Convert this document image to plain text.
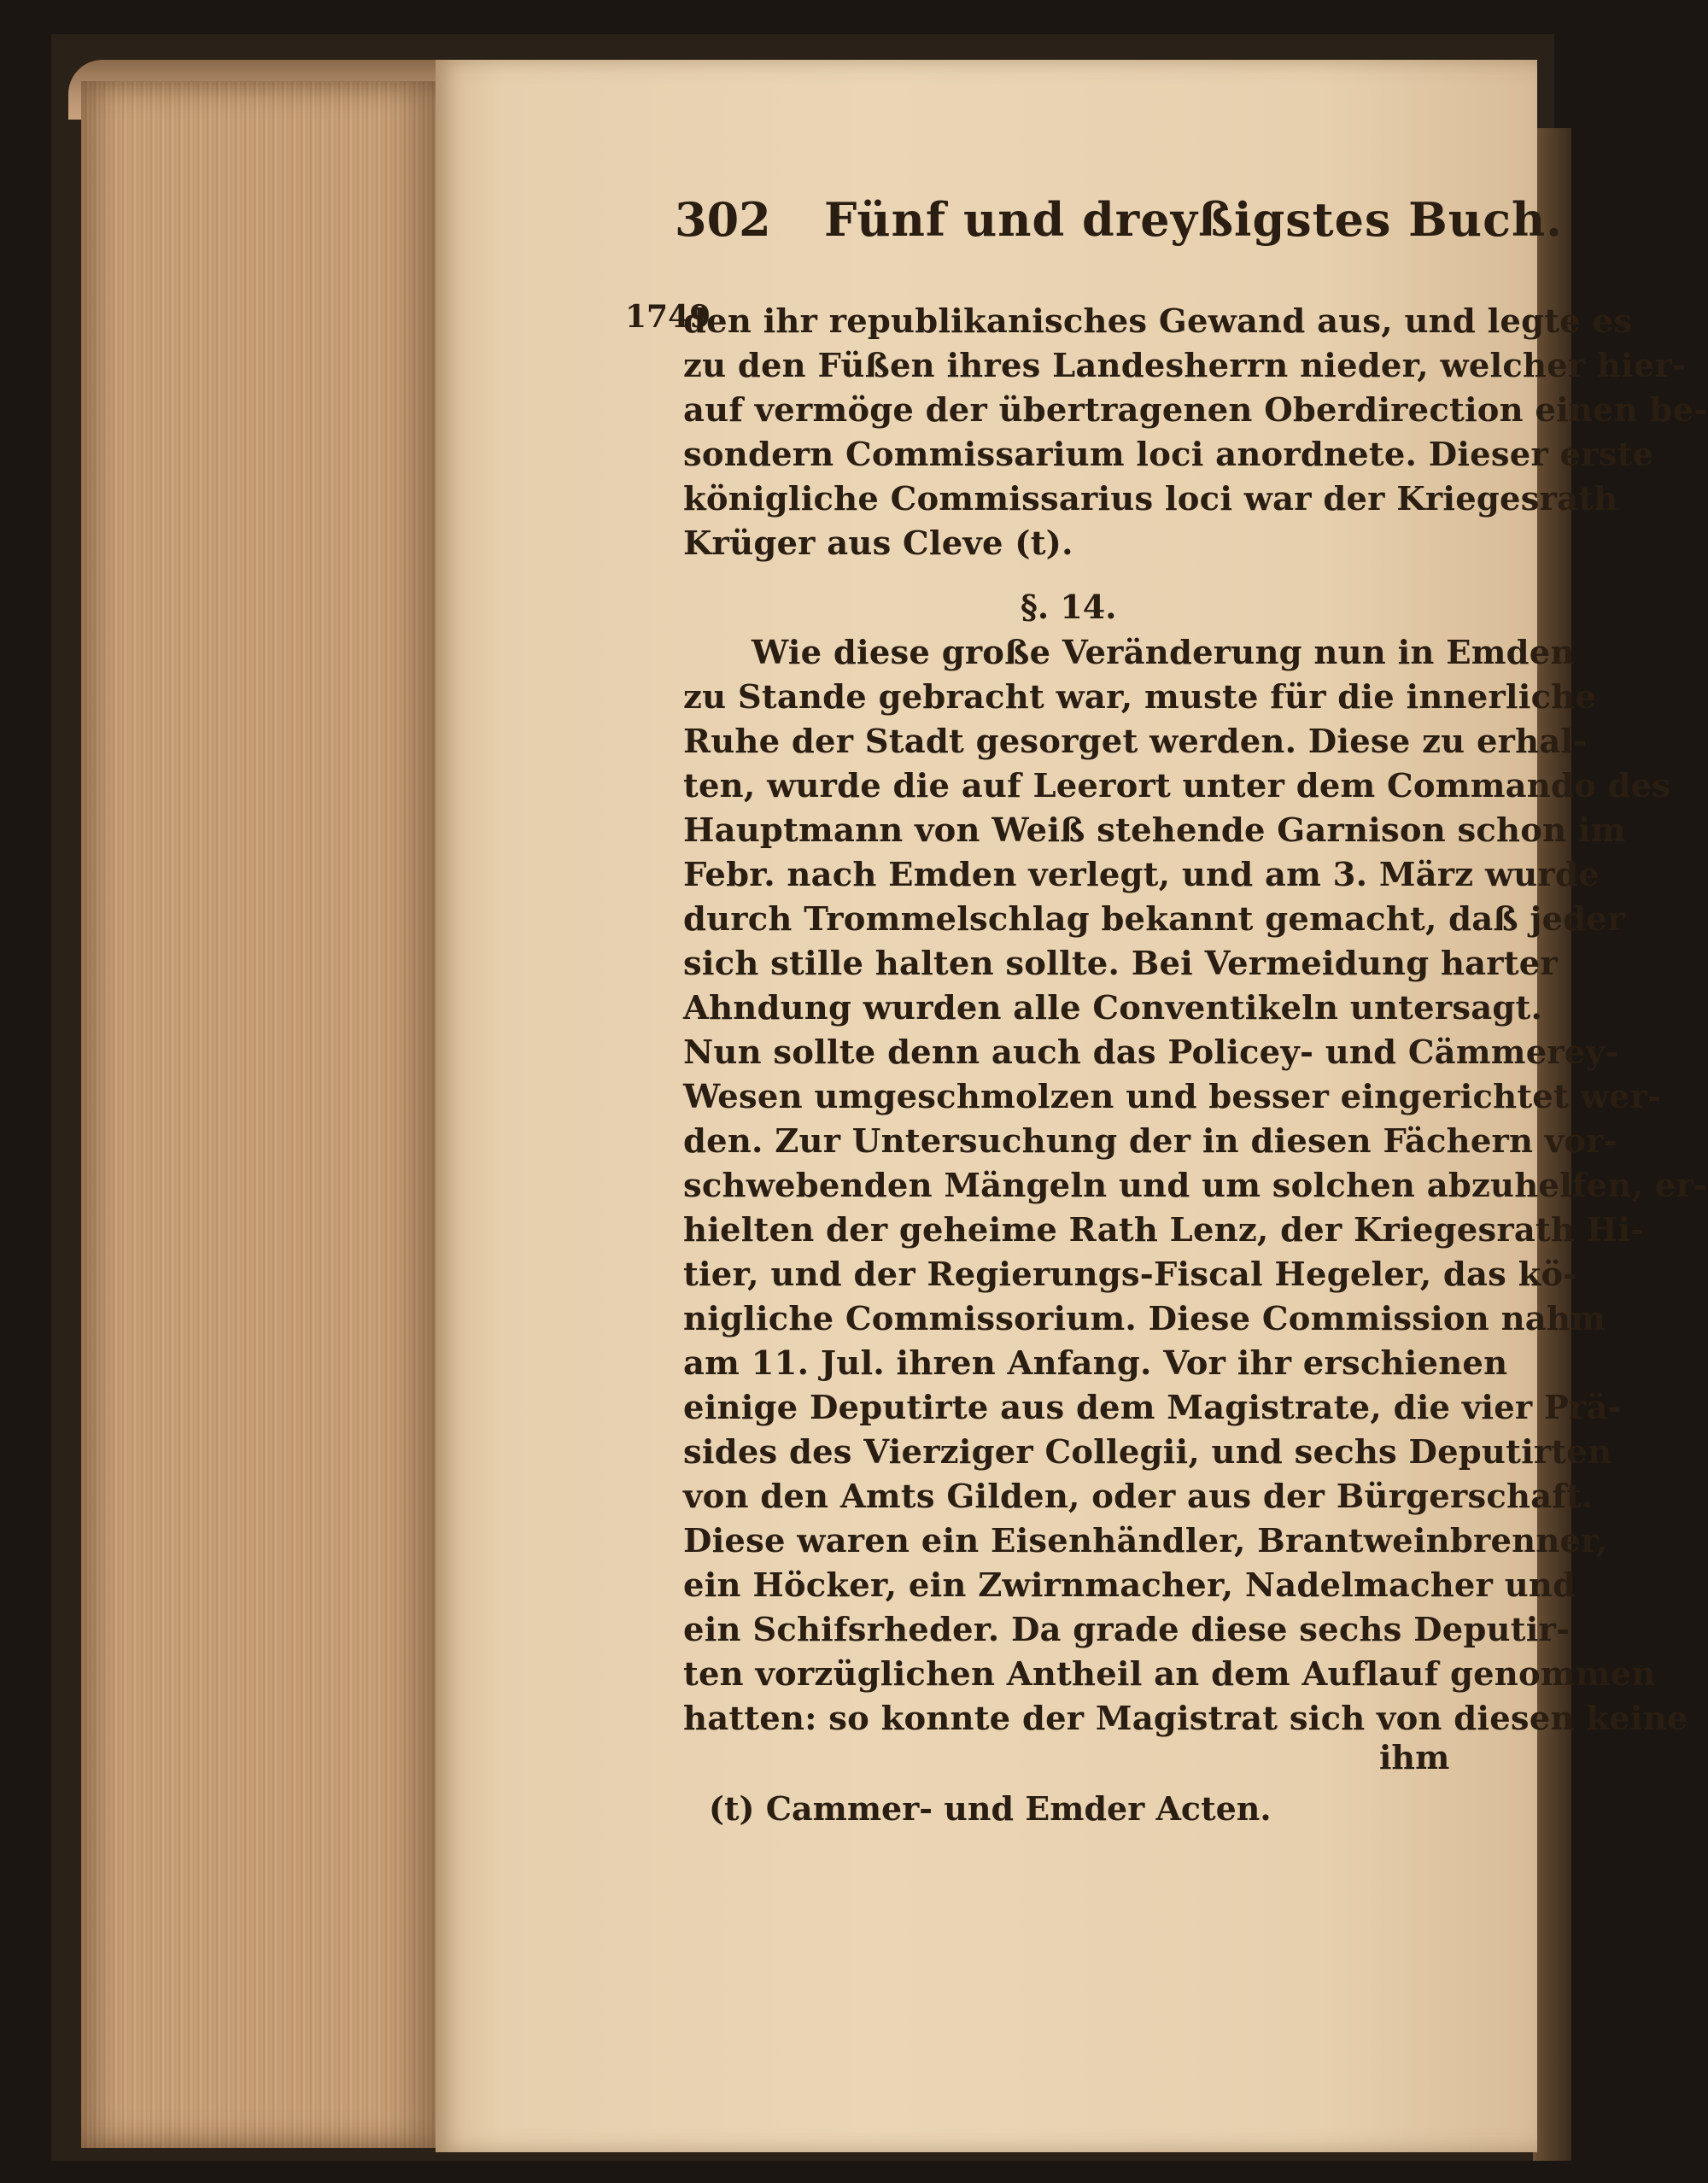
302 Fünf und dreyßigstes Buch.
1749
den ihr republikanisches Gewand aus, und legte es
zu den Füßen ihres Landesherrn nieder, welcher hier-
auf vermöge der übertragenen Oberdirection einen be-
sondern Commissarium loci anordnete. Dieser erste
königliche Commissarius loci war der Kriegesrath
Krüger aus Cleve (t).
§. 14.
Wie diese große Veränderung nun in Emden
zu Stande gebracht war, muste für die innerliche
Ruhe der Stadt gesorget werden. Diese zu erhal-
ten, wurde die auf Leerort unter dem Commando des
Hauptmann von Weiß stehende Garnison schon im
Febr. nach Emden verlegt, und am 3. März wurde
durch Trommelschlag bekannt gemacht, daß jeder
sich stille halten sollte. Bei Vermeidung harter
Ahndung wurden alle Conventikeln untersagt.
Nun sollte denn auch das Policey- und Cämmerey-
Wesen umgeschmolzen und besser eingerichtet wer-
den. Zur Untersuchung der in diesen Fächern vor-
schwebenden Mängeln und um solchen abzuhelfen, er-
hielten der geheime Rath Lenz, der Kriegesrath Hi-
tier, und der Regierungs-Fiscal Hegeler, das kö-
nigliche Commissorium. Diese Commission nahm
am 11. Jul. ihren Anfang. Vor ihr erschienen
einige Deputirte aus dem Magistrate, die vier Prä-
sides des Vierziger Collegii, und sechs Deputirten
von den Amts Gilden, oder aus der Bürgerschaft.
Diese waren ein Eisenhändler, Brantweinbrenner,
ein Höcker, ein Zwirnmacher, Nadelmacher und
ein Schifsrheder. Da grade diese sechs Deputir-
ten vorzüglichen Antheil an dem Auflauf genommen
hatten: so konnte der Magistrat sich von diesen keine
ihm
(t) Cammer- und Emder Acten.
